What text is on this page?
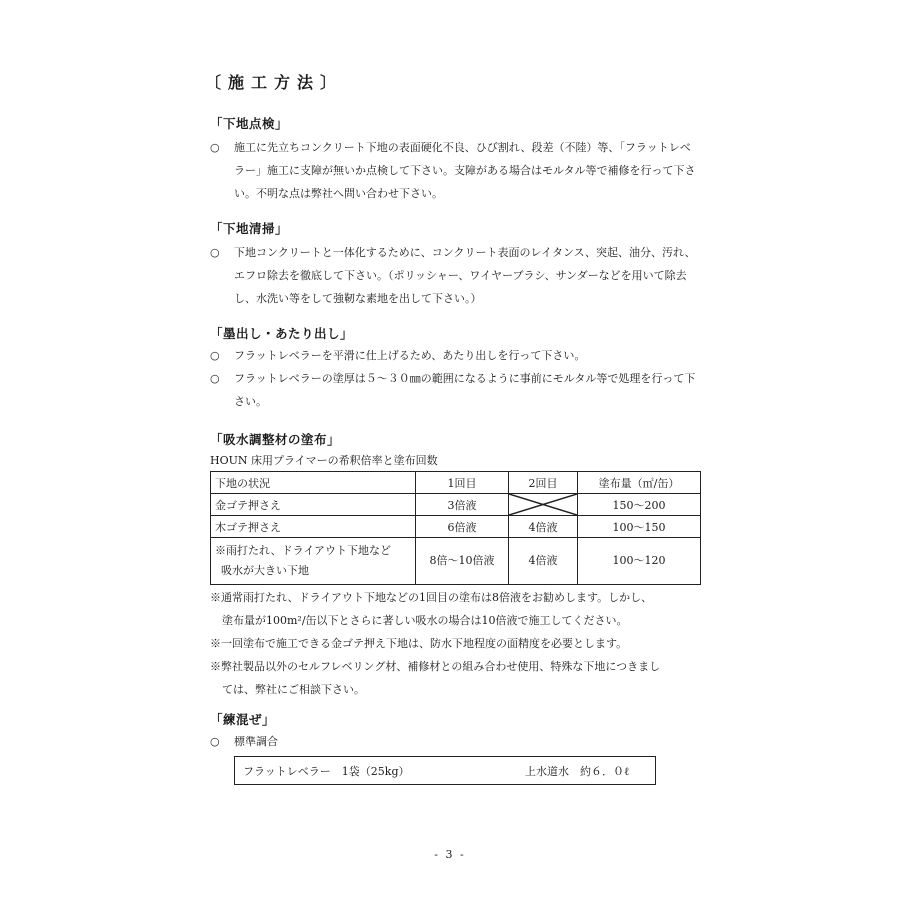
〔施工方法〕
「下地点検」
○ 施工に先立ちコンクリート下地の表面硬化不良、ひび割れ、段差（不陸）等、「フラットレベラー」施工に支障が無いか点検して下さい。支障がある場合はモルタル等で補修を行って下さい。不明な点は弊社へ問い合わせ下さい。
「下地清掃」
○ 下地コンクリートと一体化するために、コンクリート表面のレイタンス、突起、油分、汚れ、エフロ除去を徹底して下さい。（ポリッシャー、ワイヤーブラシ、サンダーなどを用いて除去し、水洗い等をして強靭な素地を出して下さい。）
「墨出し・あたり出し」
○ フラットレベラーを平滑に仕上げるため、あたり出しを行って下さい。
○ フラットレベラーの塗厚は５～３０㎜の範囲になるように事前にモルタル等で処理を行って下さい。
「吸水調整材の塗布」
HOUN 床用プライマーの希釈倍率と塗布回数
下地の状況	1回目	2回目	塗布量（㎡/缶）
金ゴテ押さえ	3倍液		150～200
木ゴテ押さえ	6倍液	4倍液	100～150

※雨打たれ、ドライアウト下地など
吸水が大きい下地	8倍～10倍液	4倍液	100～120
※通常雨打たれ、ドライアウト下地などの1回目の塗布は8倍液をお勧めします。しかし、
塗布量が100m²/缶以下とさらに著しい吸水の場合は10倍液で施工してください。
※一回塗布で施工できる金ゴテ押え下地は、防水下地程度の面精度を必要とします。
※弊社製品以外のセルフレベリング材、補修材との組み合わせ使用、特殊な下地につきまし
ては、弊社にご相談下さい。
「練混ぜ」
○ 標準調合
フラットレベラー　1袋（25kg）	上水道水　約６．０ℓ
- 3 -
